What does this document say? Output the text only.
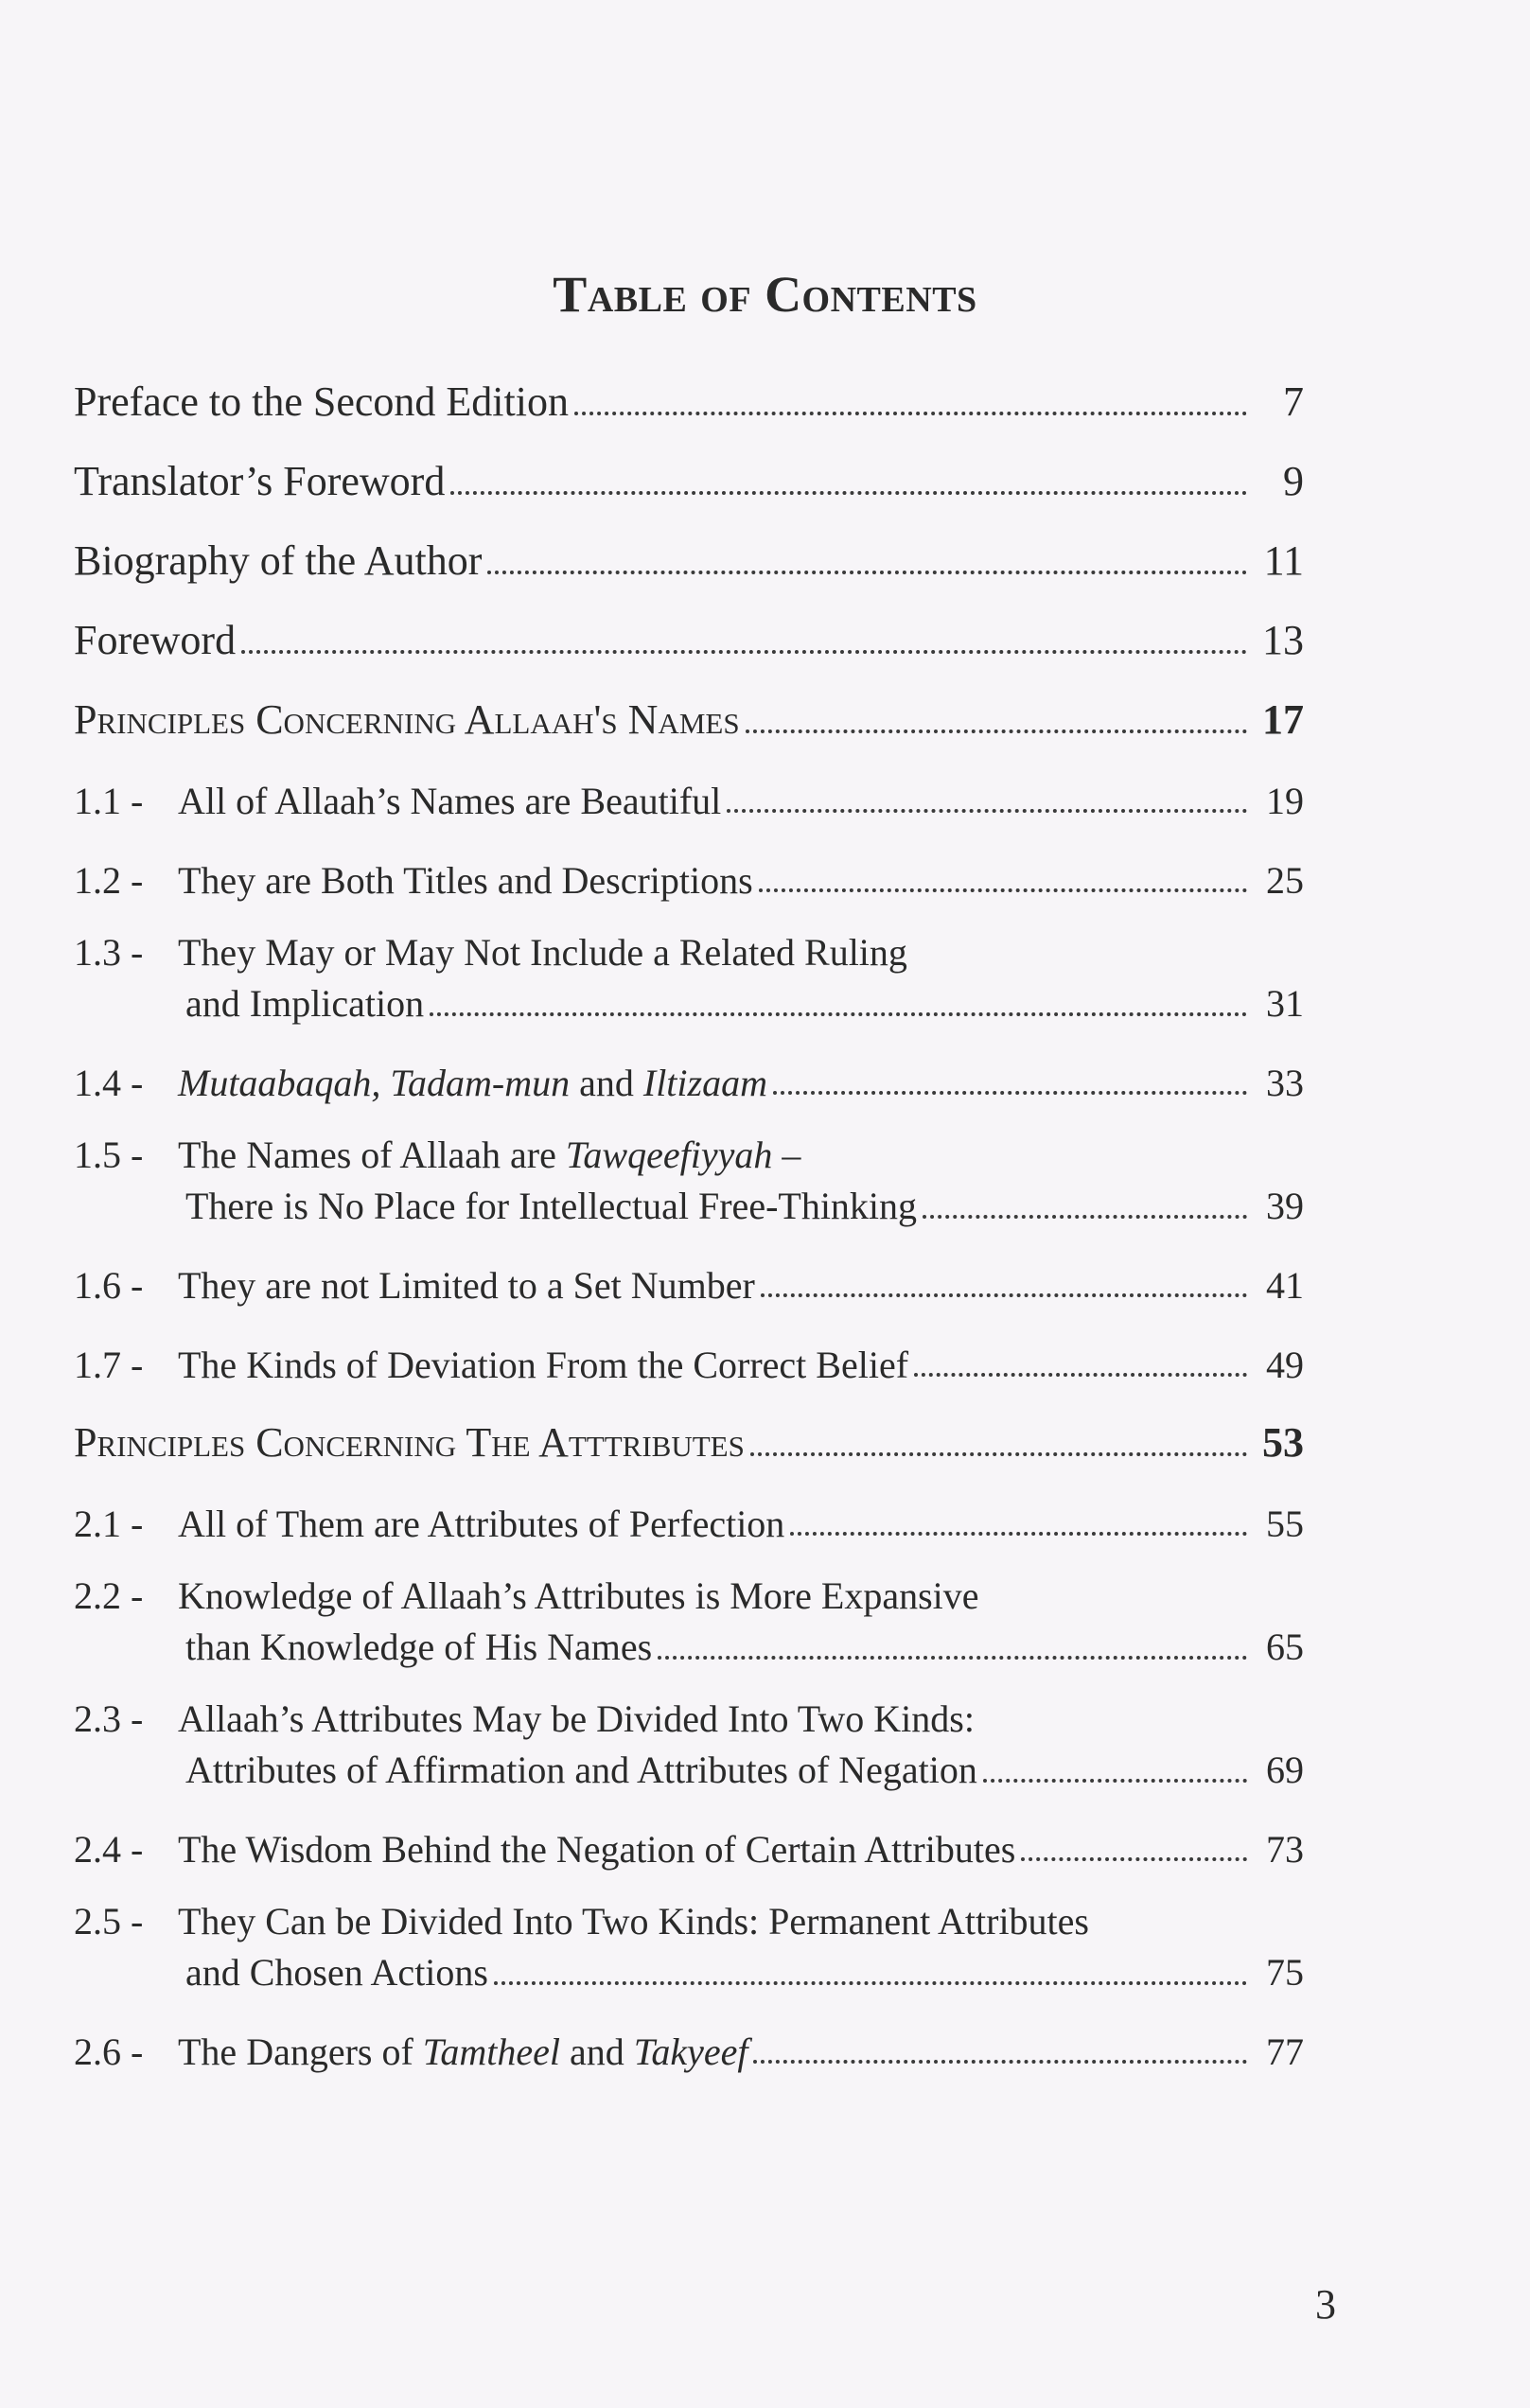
Table of Contents
Preface to the Second Edition	7
Translator’s Foreword	9
Biography of the Author	11
Foreword	13
Principles Concerning Allaah's Names	17
1.1 - All of Allaah’s Names are Beautiful	19
1.2 - They are Both Titles and Descriptions	25
1.3 - They May or May Not Include a Related Ruling
and Implication	31
1.4 - Mutaabaqah, Tadam-mun and Iltizaam	33
1.5 - The Names of Allaah are Tawqeefiyyah –
There is No Place for Intellectual Free-Thinking	39
1.6 - They are not Limited to a Set Number	41
1.7 - The Kinds of Deviation From the Correct Belief	49
Principles Concerning The Atttributes	53
2.1 - All of Them are Attributes of Perfection	55
2.2 - Knowledge of Allaah’s Attributes is More Expansive
than Knowledge of His Names	65
2.3 - Allaah’s Attributes May be Divided Into Two Kinds:
Attributes of Affirmation and Attributes of Negation	69
2.4 - The Wisdom Behind the Negation of Certain Attributes	73
2.5 - They Can be Divided Into Two Kinds: Permanent Attributes
and Chosen Actions	75
2.6 - The Dangers of Tamtheel and Takyeef	77
3
